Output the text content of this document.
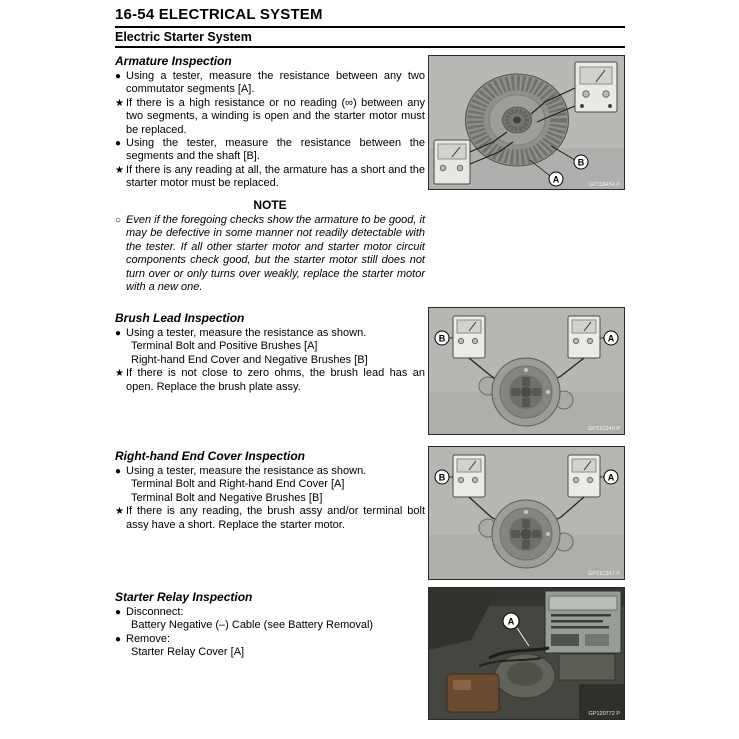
16-54 ELECTRICAL SYSTEM
Electric Starter System
Armature Inspection
● Using a tester, measure the resistance between any two commutator segments [A].
★ If there is a high resistance or no reading (∞) between any two segments, a winding is open and the starter motor must be replaced.
● Using the tester, measure the resistance between the segments and the shaft [B].
★ If there is any reading at all, the armature has a short and the starter motor must be replaced.
NOTE
○ Even if the foregoing checks show the armature to be good, it may be defective in some manner not readily detectable with the tester. If all other starter motor and starter motor circuit components check good, but the starter motor still does not turn over or only turns over weakly, replace the starter motor with a new one.
Brush Lead Inspection
● Using a tester, measure the resistance as shown.
Terminal Bolt and Positive Brushes [A]
Right-hand End Cover and Negative Brushes [B]
★ If there is not close to zero ohms, the brush lead has an open. Replace the brush plate assy.
Right-hand End Cover Inspection
● Using a tester, measure the resistance as shown.
Terminal Bolt and Right-hand End Cover [A]
Terminal Bolt and Negative Brushes [B]
★ If there is any reading, the brush assy and/or terminal bolt assy have a short. Replace the starter motor.
Starter Relay Inspection
● Disconnect:
Battery Negative (–) Cable (see Battery Removal)
● Remove:
Starter Relay Cover [A]
B
A
GP118454 P
B	A
GP11C246 P
B	A
GP11C247 P
A
GP120772 P
